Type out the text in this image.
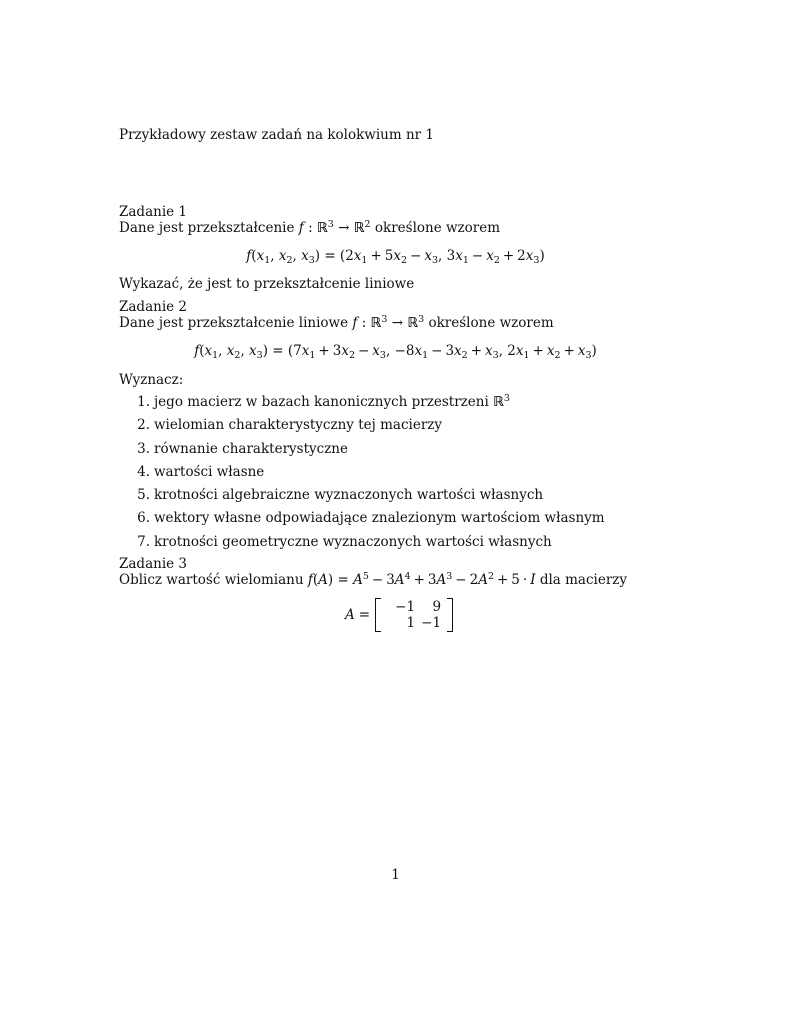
Przykładowy zestaw zadań na kolokwium nr 1
Zadanie 1
Dane jest przekształcenie f : ℝ$^3$ → ℝ$^2$ określone wzorem
$f(x_1$, $x_2$, $x_3) = (2x_1 + 5x_2 - x_3$, $3x_1 - x_2 + 2x_3$)
Wykazać, że jest to przekształcenie liniowe
Zadanie 2
Dane jest przekształcenie liniowe f : ℝ$^3$ → ℝ$^3$ określone wzorem
$f(x_1$, $x_2$, $x_3) = (7x_1 + 3x_2 - x_3$, $-8x_1 - 3x_2 + x_3$, $2x_1 + x_2 + x_3$)
Wyznacz:
1. jego macierz w bazach kanonicznych przestrzeni ℝ$^3$
2. wielomian charakterystyczny tej macierzy
3. równanie charakterystyczne
4. wartości własne
5. krotności algebraiczne wyznaczonych wartości własnych
6. wektory własne odpowiadające znalezionym wartościom własnym
7. krotności geometryczne wyznaczonych wartości własnych
Zadanie 3
Oblicz wartość wielomianu $f(A) = A^5 - 3A^4 + 3A^3 - 2A^2 + 5 \cdot I$ dla macierzy
A =	−1	9
1 −1
1
